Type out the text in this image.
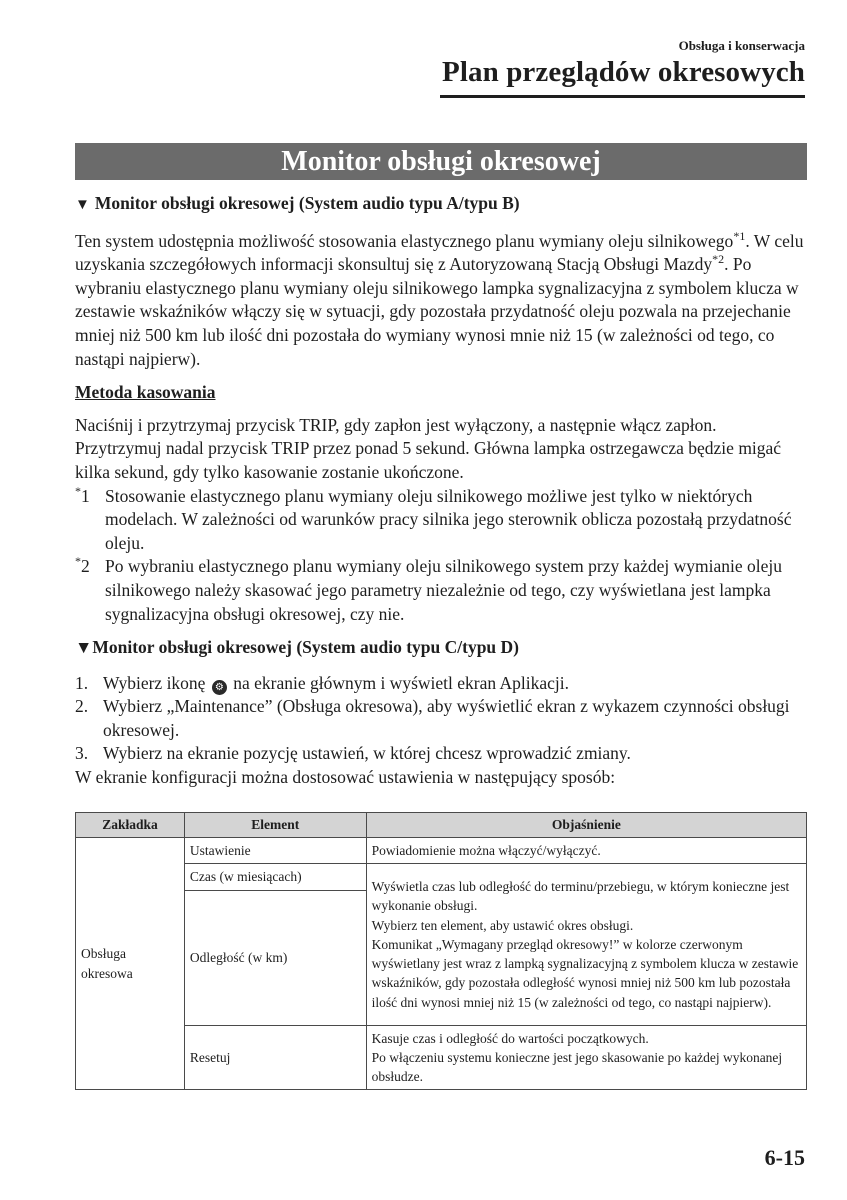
Obsługa i konserwacja
Plan przeglądów okresowych
Monitor obsługi okresowej
▼ Monitor obsługi okresowej (System audio typu A/typu B)

Ten system udostępnia możliwość stosowania elastycznego planu wymiany oleju silnikowego$^{*1}$. W celu uzyskania szczegółowych informacji skonsultuj się z Autoryzowaną Stacją Obsługi Mazdy$^{*2}$. Po wybraniu elastycznego planu wymiany oleju silnikowego lampka sygnalizacyjna z symbolem klucza w zestawie wskaźników włączy się w sytuacji, gdy pozostała przydatność oleju pozwala na przejechanie mniej niż 500 km lub ilość dni pozostała do wymiany wynosi mnie niż 15 (w zależności od tego, co nastąpi najpierw).

Metoda kasowania

Naciśnij i przytrzymaj przycisk TRIP, gdy zapłon jest wyłączony, a następnie włącz zapłon. Przytrzymuj nadal przycisk TRIP przez ponad 5 sekund. Główna lampka ostrzegawcza będzie migać kilka sekund, gdy tylko kasowanie zostanie ukończone.

*1 Stosowanie elastycznego planu wymiany oleju silnikowego możliwe jest tylko w niektórych modelach. W zależności od warunków pracy silnika jego sterownik oblicza pozostałą przydatność oleju.
*2 Po wybraniu elastycznego planu wymiany oleju silnikowego system przy każdej wymianie oleju silnikowego należy skasować jego parametry niezależnie od tego, czy wyświetlana jest lampka sygnalizacyjna obsługi okresowej, czy nie.
▼Monitor obsługi okresowej (System audio typu C/typu D)
1. Wybierz ikonę ⚙ na ekranie głównym i wyświetl ekran Aplikacji.
2. Wybierz „Maintenance” (Obsługa okresowa), aby wyświetlić ekran z wykazem czynności obsługi okresowej.
3. Wybierz na ekranie pozycję ustawień, w której chcesz wprowadzić zmiany.

W ekranie konfiguracji można dostosować ustawienia w następujący sposób:

Zakładka	Element	Objaśnienie
Obsługa okresowa	Ustawienie	Powiadomienie można włączyć/wyłączyć.
	Czas (w miesiącach)	Wyświetla czas lub odległość do terminu/przebiegu, w którym konieczne jest wykonanie obsługi.
Wybierz ten element, aby ustawić okres obsługi.
Komunikat „Wymagany przegląd okresowy!” w kolorze czerwonym wyświetlany jest wraz z lampką sygnalizacyjną z symbolem klucza w zestawie wskaźników, gdy pozostała odległość wynosi mniej niż 500 km lub pozostała ilość dni wynosi mniej niż 15 (w zależności od tego, co nastąpi najpierw).
	Odległość (w km)	
	Resetuj	Kasuje czas i odległość do wartości początkowych.
Po włączeniu systemu konieczne jest jego skasowanie po każdej wykonanej obsłudze.
6-15
